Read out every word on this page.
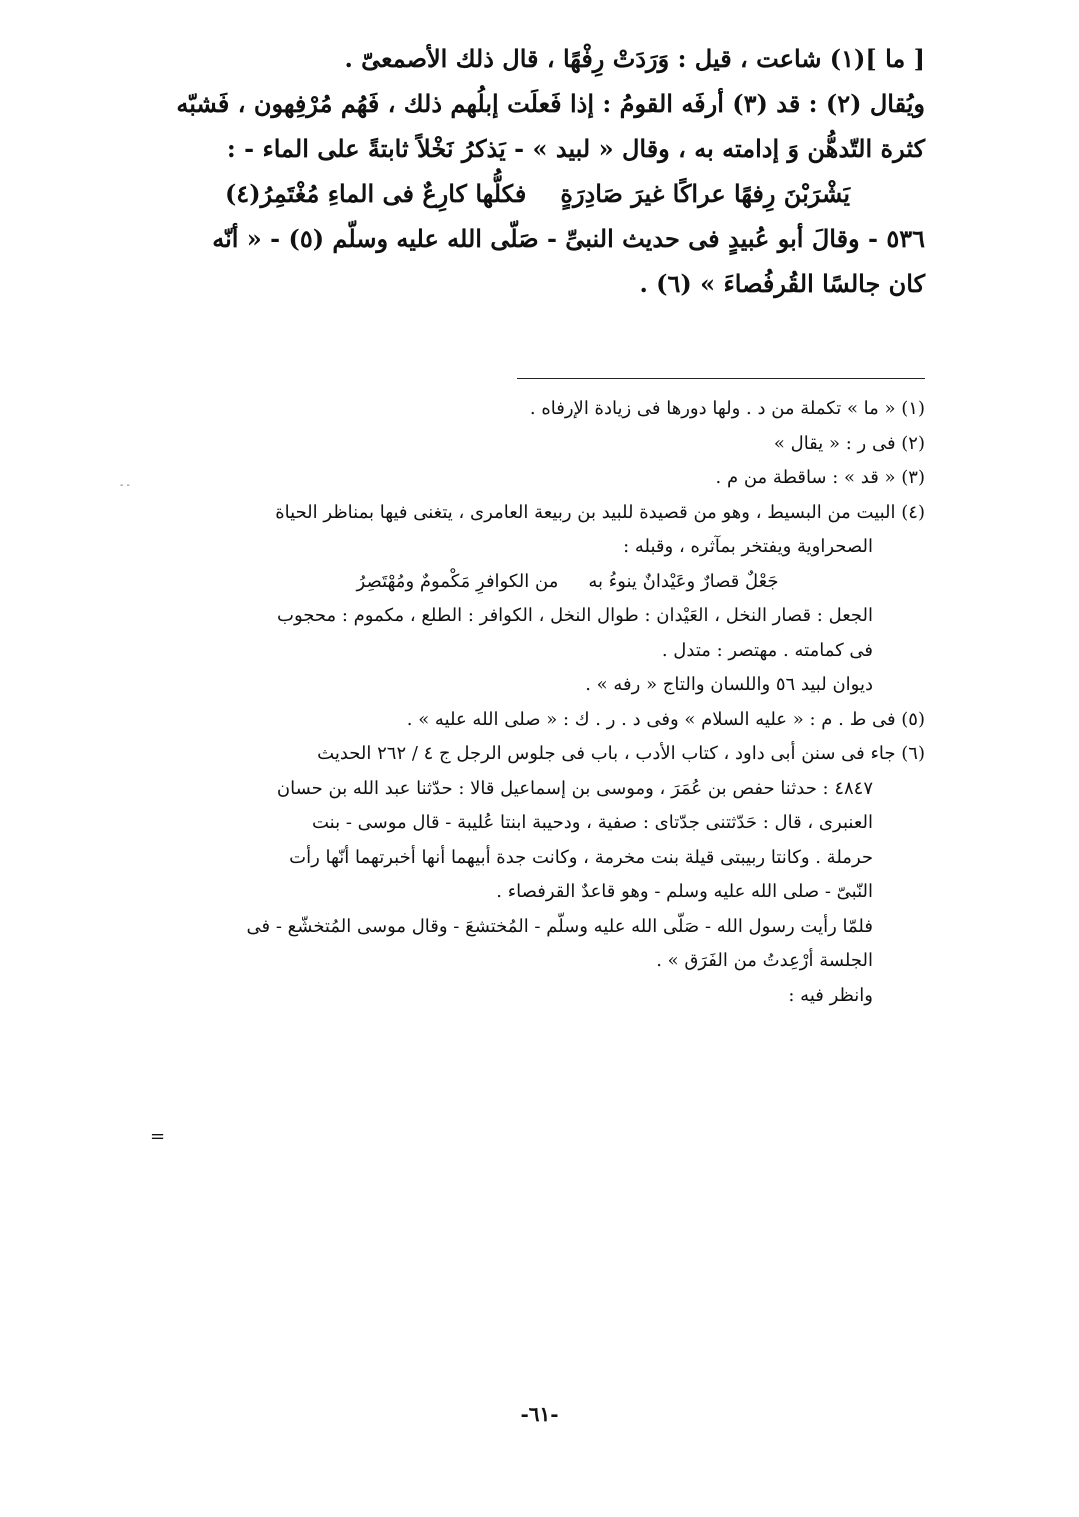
[ ما ](١) شاعت ، قيل : وَرَدَتْ رِفْهًا ، قال ذلك الأصمعىّ .

ويُقال (٢) : قد (٣) أرفَه القومُ : إذا فَعلَت إبلُهم ذلك ، فَهُم مُرْفِهون ، فَشبّه

كثرة التّدهُّن وَ إدامته به ، وقال « لبيد » - يَذكرُ نَخْلاً ثابتةً على الماء - :

يَشْرَبْنَ رِفهًا عراكًا غيرَ صَادِرَةٍ
فكلُّها كارِعٌ فى الماءِ مُغْتَمِرُ(٤)

٥٣٦ - وقالَ أبو عُبيدٍ فى حديث النبىِّ - صَلّى الله عليه وسلّم (٥) - « أنّه

كان جالسًا القُرفُصاءَ » (٦) .

- -

(١) « ما » تكملة من د . ولها دورها فى زيادة الإرفاه .

(٢) فى ر : « يقال »

(٣) « قد » : ساقطة من م .

(٤) البيت من البسيط ، وهو من قصيدة للبيد بن ربيعة العامرى ، يتغنى فيها بمناظر الحياة

الصحراوية ويفتخر بمآثره ، وقبله :

جَعْلٌ قصارٌ وعَيْدانٌ ينوءُ به
من الكوافرِ مَكْمومٌ ومُهْتَصِرُ

الجعل : قصار النخل ، العَيْدان : طوال النخل ، الكوافر : الطلع ، مكموم : محجوب

فى كمامته . مهتصر : متدل .

ديوان لبيد ٥٦ واللسان والتاج « رفه » .

(٥) فى ط . م : « عليه السلام » وفى د . ر . ك : « صلى الله عليه » .

(٦) جاء فى سنن أبى داود ، كتاب الأدب ، باب فى جلوس الرجل ج ٤ / ٢٦٢ الحديث

٤٨٤٧ : حدثنا حفص بن عُمَرَ ، وموسى بن إسماعيل قالا : حدّثنا عبد الله بن حسان

العنبرى ، قال : حَدّثتنى جدّتاى : صفية ، ودحيبة ابنتا عُليبة - قال موسى - بنت

حرملة . وكانتا ربيبتى قيلة بنت مخرمة ، وكانت جدة أبيهما أنها أخبرتهما أنّها رأت

النّبىّ - صلى الله عليه وسلم - وهو قاعدٌ القرفصاء .

فلمّا رأيت رسول الله - صَلّى الله عليه وسلّم - المُختشعَ - وقال موسى المُتخشّع - فى

الجلسة أرْعِدتُ من الفَرَق » .

وانظر فيه :

=
-٦١-
